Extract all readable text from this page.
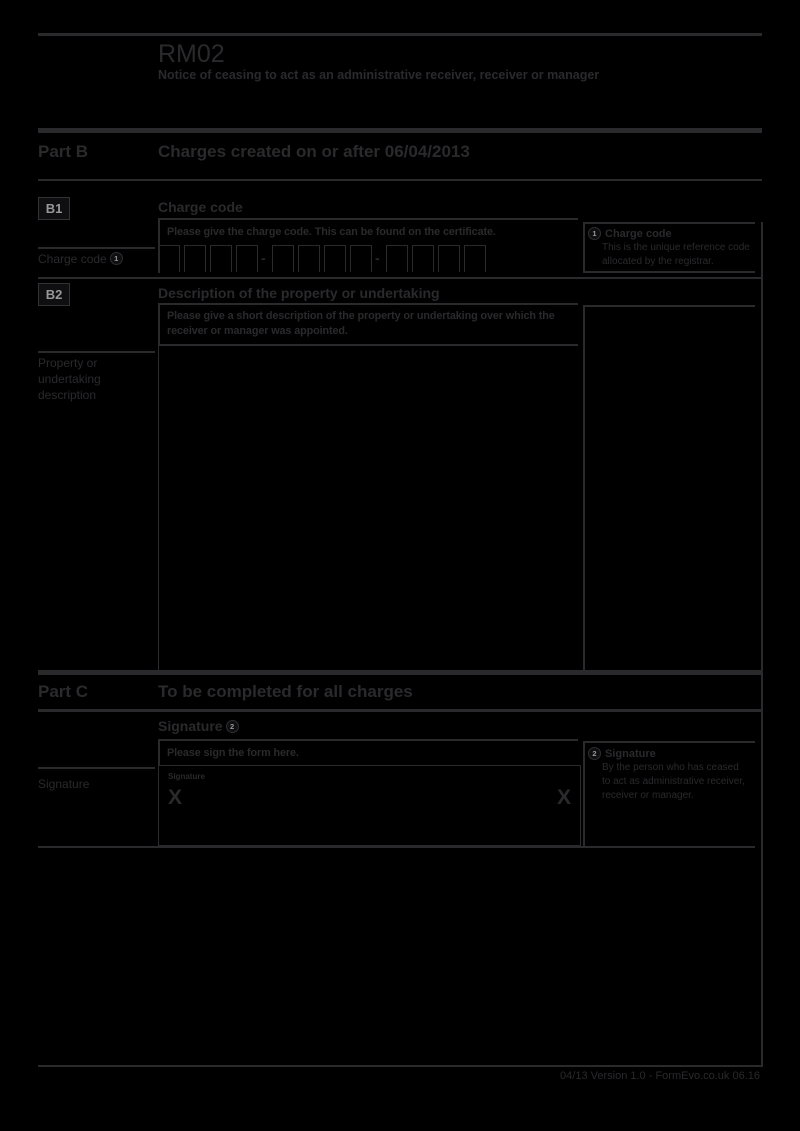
RM02
Notice of ceasing to act as an administrative receiver, receiver or manager
Part B	Charges created on or after 06/04/2013
B1	Charge code
Please give the charge code. This can be found on the certificate.
Charge code 1	-	-
1 Charge code
This is the unique reference code
allocated by the registrar.
B2	Description of the property or undertaking
Please give a short description of the property or undertaking over which the
receiver or manager was appointed.
Property or
undertaking
description
Part C	To be completed for all charges
Signature 2
Please sign the form here.
Signature
Signature
X	X
2 Signature
By the person who has ceased
to act as administrative receiver,
receiver or manager.
04/13 Version 1.0 - FormEvo.co.uk 06.16
